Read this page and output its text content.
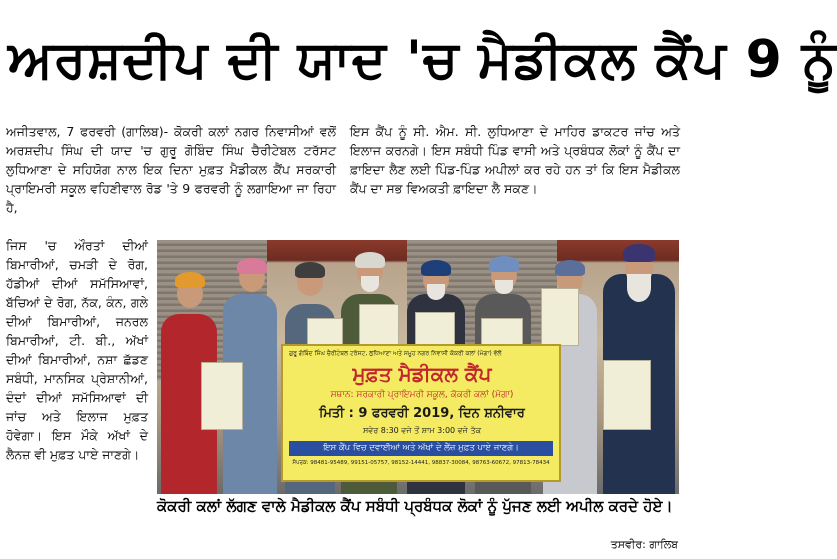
ਅਰਸ਼ਦੀਪ ਦੀ ਯਾਦ 'ਚ ਮੈਡੀਕਲ ਕੈਂਪ 9 ਨੂੰ
ਅਜੀਤਵਾਲ, 7 ਫਰਵਰੀ (ਗਾਲਿਬ)- ਕੋਕਰੀ ਕਲਾਂ ਨਗਰ ਨਿਵਾਸੀਆਂ ਵਲੋਂ ਅਰਸ਼ਦੀਪ ਸਿੰਘ ਦੀ ਯਾਦ 'ਚ ਗੁਰੂ ਗੋਬਿੰਦ ਸਿੰਘ ਚੈਰੀਟੇਬਲ ਟਰੱਸਟ ਲੁਧਿਆਣਾ ਦੇ ਸਹਿਯੋਗ ਨਾਲ ਇਕ ਦਿਨਾ ਮੁਫ਼ਤ ਮੈਡੀਕਲ ਕੈਂਪ ਸਰਕਾਰੀ ਪ੍ਰਾਇਮਰੀ ਸਕੂਲ ਵਹਿਣੀਵਾਲ ਰੋਡ 'ਤੇ 9 ਫਰਵਰੀ ਨੂੰ ਲਗਾਇਆ ਜਾ ਰਿਹਾ ਹੈ,
ਜਿਸ 'ਚ ਔਰਤਾਂ ਦੀਆਂ ਬਿਮਾਰੀਆਂ, ਚਮੜੀ ਦੇ ਰੋਗ, ਹੱਡੀਆਂ ਦੀਆਂ ਸਮੱਸਿਆਵਾਂ, ਬੱਚਿਆਂ ਦੇ ਰੋਗ, ਨੱਕ, ਕੰਨ, ਗਲੇ ਦੀਆਂ ਬਿਮਾਰੀਆਂ, ਜਨਰਲ ਬਿਮਾਰੀਆਂ, ਟੀ. ਬੀ., ਅੱਖਾਂ ਦੀਆਂ ਬਿਮਾਰੀਆਂ, ਨਸ਼ਾ ਛੱਡਣ ਸਬੰਧੀ, ਮਾਨਸਿਕ ਪ੍ਰੇਸ਼ਾਨੀਆਂ, ਦੰਦਾਂ ਦੀਆਂ ਸਮੱਸਿਆਵਾਂ ਦੀ ਜਾਂਚ ਅਤੇ ਇਲਾਜ ਮੁਫ਼ਤ ਹੋਵੇਗਾ। ਇਸ ਮੌਕੇ ਅੱਖਾਂ ਦੇ ਲੈਨਜ਼ ਵੀ ਮੁਫ਼ਤ ਪਾਏ ਜਾਣਗੇ।
ਇਸ ਕੈਂਪ ਨੂੰ ਸੀ. ਐਮ. ਸੀ. ਲੁਧਿਆਣਾ ਦੇ ਮਾਹਿਰ ਡਾਕਟਰ ਜਾਂਚ ਅਤੇ ਇਲਾਜ ਕਰਨਗੇ। ਇਸ ਸਬੰਧੀ ਪਿੰਡ ਵਾਸੀ ਅਤੇ ਪ੍ਰਬੰਧਕ ਲੋਕਾਂ ਨੂੰ ਕੈਂਪ ਦਾ ਫ਼ਾਇਦਾ ਲੈਣ ਲਈ ਪਿੰਡ-ਪਿੰਡ ਅਪੀਲਾਂ ਕਰ ਰਹੇ ਹਨ ਤਾਂ ਕਿ ਇਸ ਮੈਡੀਕਲ ਕੈਂਪ ਦਾ ਸਭ ਵਿਅਕਤੀ ਫ਼ਾਇਦਾ ਲੈ ਸਕਣ।
ਗੁਰੂ ਗੋਬਿੰਦ ਸਿੰਘ ਚੈਰੀਟੇਬਲ ਟਰੱਸਟ, ਲੁਧਿਆਣਾ ਅਤੇ ਸਮੂਹ ਨਗਰ ਨਿਵਾਸੀ ਕੋਕਰੀ ਕਲਾਂ (ਮੋਗਾ) ਵੱਲੋਂ
ਮੁਫ਼ਤ ਮੈਡੀਕਲ ਕੈਂਪ
ਸਥਾਨ: ਸਰਕਾਰੀ ਪ੍ਰਾਇਮਰੀ ਸਕੂਲ, ਕੋਕਰੀ ਕਲਾਂ (ਮੋਗਾ)
ਮਿਤੀ : 9 ਫਰਵਰੀ 2019, ਦਿਨ ਸ਼ਨੀਵਾਰ
ਸਵੇਰ 8:30 ਵਜੇ ਤੋਂ ਸ਼ਾਮ 3:00 ਵਜੇ ਤੱਕ
ਇਸ ਕੈਂਪ ਵਿਚ ਦਵਾਈਆਂ ਅਤੇ ਅੱਖਾਂ ਦੇ ਲੈਂਜ਼ ਮੁਫ਼ਤ ਪਾਏ ਜਾਣਗੇ।
ਸੰਪਰਕ: 98481-95489, 99151-05757, 98152-14441, 98837-30084, 98763-60672, 97813-78434
ਕੋਕਰੀ ਕਲਾਂ ਲੱਗਣ ਵਾਲੇ ਮੈਡੀਕਲ ਕੈਂਪ ਸਬੰਧੀ ਪ੍ਰਬੰਧਕ ਲੋਕਾਂ ਨੂੰ ਪੁੱਜਣ ਲਈ ਅਪੀਲ ਕਰਦੇ ਹੋਏ।
ਤਸਵੀਰ: ਗਾਲਿਬ
